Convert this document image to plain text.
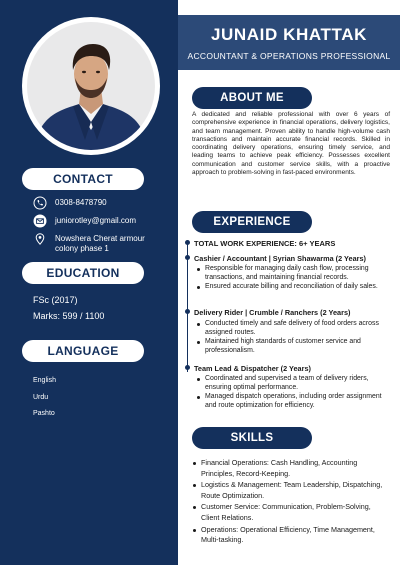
CONTACT
0308-8478790
juniorotley@gmail.com
Nowshera Cherat armour colony phase 1
EDUCATION
FSc (2017)
Marks: 599 / 1100
LANGUAGE
English
Urdu
Pashto
JUNAID KHATTAK
ACCOUNTANT & OPERATIONS PROFESSIONAL
ABOUT ME

A dedicated and reliable professional with over 6 years of comprehensive experience in financial operations, delivery logistics, and team management. Proven ability to handle high-volume cash transactions and maintain accurate financial records. Skilled in coordinating delivery operations, ensuring timely service, and leading teams to achieve peak efficiency. Possesses excellent communication and customer service skills, with a proactive approach to problem-solving in fast-paced environments.

EXPERIENCE
TOTAL WORK EXPERIENCE: 6+ YEARS
Cashier / Accountant | Syrian Shawarma (2 Years)
Responsible for managing daily cash flow, processing transactions, and maintaining financial records.
Ensured accurate billing and reconciliation of daily sales.
Delivery Rider | Crumble / Ranchers (2 Years)
Conducted timely and safe delivery of food orders across assigned routes.
Maintained high standards of customer service and professionalism.
Team Lead & Dispatcher (2 Years)
Coordinated and supervised a team of delivery riders, ensuring optimal performance.
Managed dispatch operations, including order assignment and route optimization for efficiency.
SKILLS
Financial Operations: Cash Handling, Accounting Principles, Record-Keeping.
Logistics & Management: Team Leadership, Dispatching, Route Optimization.
Customer Service: Communication, Problem-Solving, Client Relations.
Operations: Operational Efficiency, Time Management, Multi-tasking.
